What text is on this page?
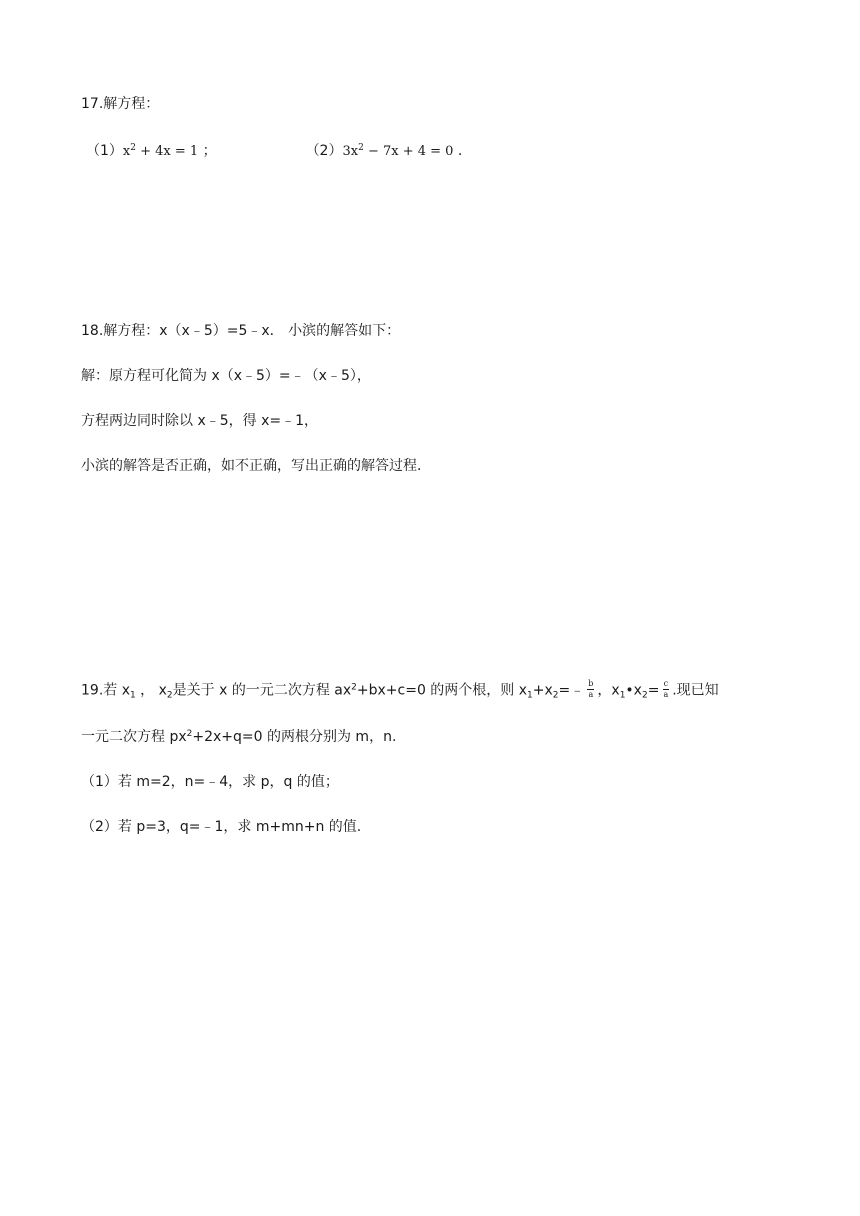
17.解方程：
$(1)x^2 + 4x = 1$ ；	$(2)3x^2 - 7x + 4 = 0$ .
18.解方程：x（x﹣5）=5﹣x． 小滨的解答如下：
解：原方程可化简为 x（x﹣5）=﹣（x﹣5），
方程两边同时除以 x﹣5，得 x=﹣1，
小滨的解答是否正确，如不正确，写出正确的解答过程．
19.若 $x_1$ ， $x_2$是关于 x 的一元二次方程 $ax^2+bx+c=0$ 的两个根，则 $x_1+x_2=﹣ \frac{b}{a}$ ，$x_1•x_2= \frac{c}{a}$ .现已知
一元二次方程 $px^2+2x+q=0$ 的两根分别为 m，n.
（1）若 m=2，n=﹣4，求 p，q 的值；
（2）若 p=3，q=﹣1，求 m+mn+n 的值.
